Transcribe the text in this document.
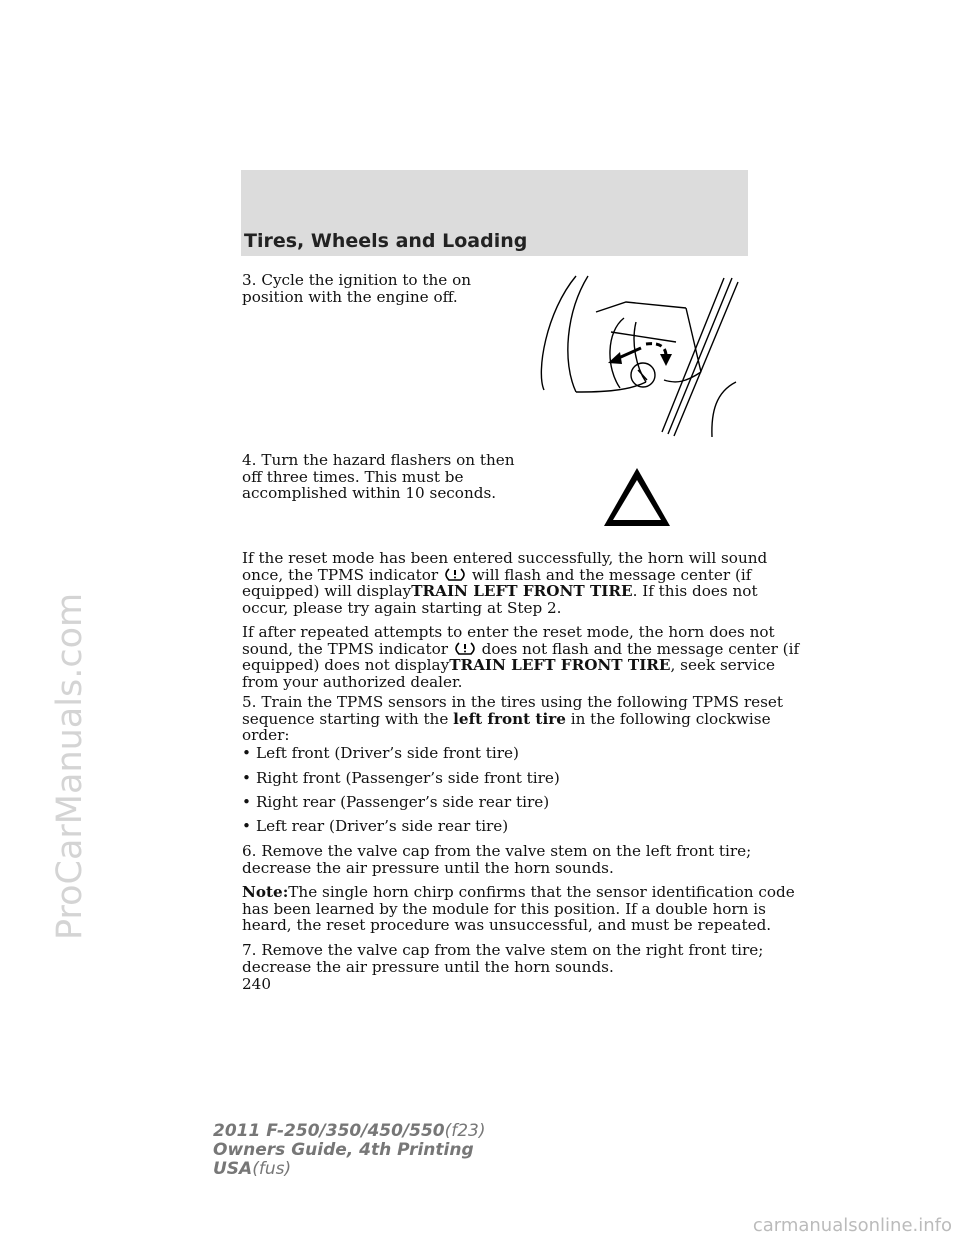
ProCarManuals.com
Tires, Wheels and Loading

3. Cycle the ignition to the on
position with the engine off.

4. Turn the hazard flashers on then
off three times. This must be
accomplished within 10 seconds.

If the reset mode has been entered successfully, the horn will sound
once, the TPMS indicator will flash and the message center (if
equipped) will displayTRAIN LEFT FRONT TIRE. If this does not
occur, please try again starting at Step 2.

If after repeated attempts to enter the reset mode, the horn does not
sound, the TPMS indicator does not flash and the message center (if
equipped) does not displayTRAIN LEFT FRONT TIRE, seek service
from your authorized dealer.

5. Train the TPMS sensors in the tires using the following TPMS reset
sequence starting with the left front tire in the following clockwise
order:

• Left front (Driver’s side front tire)

• Right front (Passenger’s side front tire)

• Right rear (Passenger’s side rear tire)

• Left rear (Driver’s side rear tire)

6. Remove the valve cap from the valve stem on the left front tire;
decrease the air pressure until the horn sounds.

Note:The single horn chirp confirms that the sensor identification code
has been learned by the module for this position. If a double horn is
heard, the reset procedure was unsuccessful, and must be repeated.

7. Remove the valve cap from the valve stem on the right front tire;
decrease the air pressure until the horn sounds.

240

2011 F-250/350/450/550(f23)
Owners Guide, 4th Printing
USA(fus)
carmanualsonline.info
